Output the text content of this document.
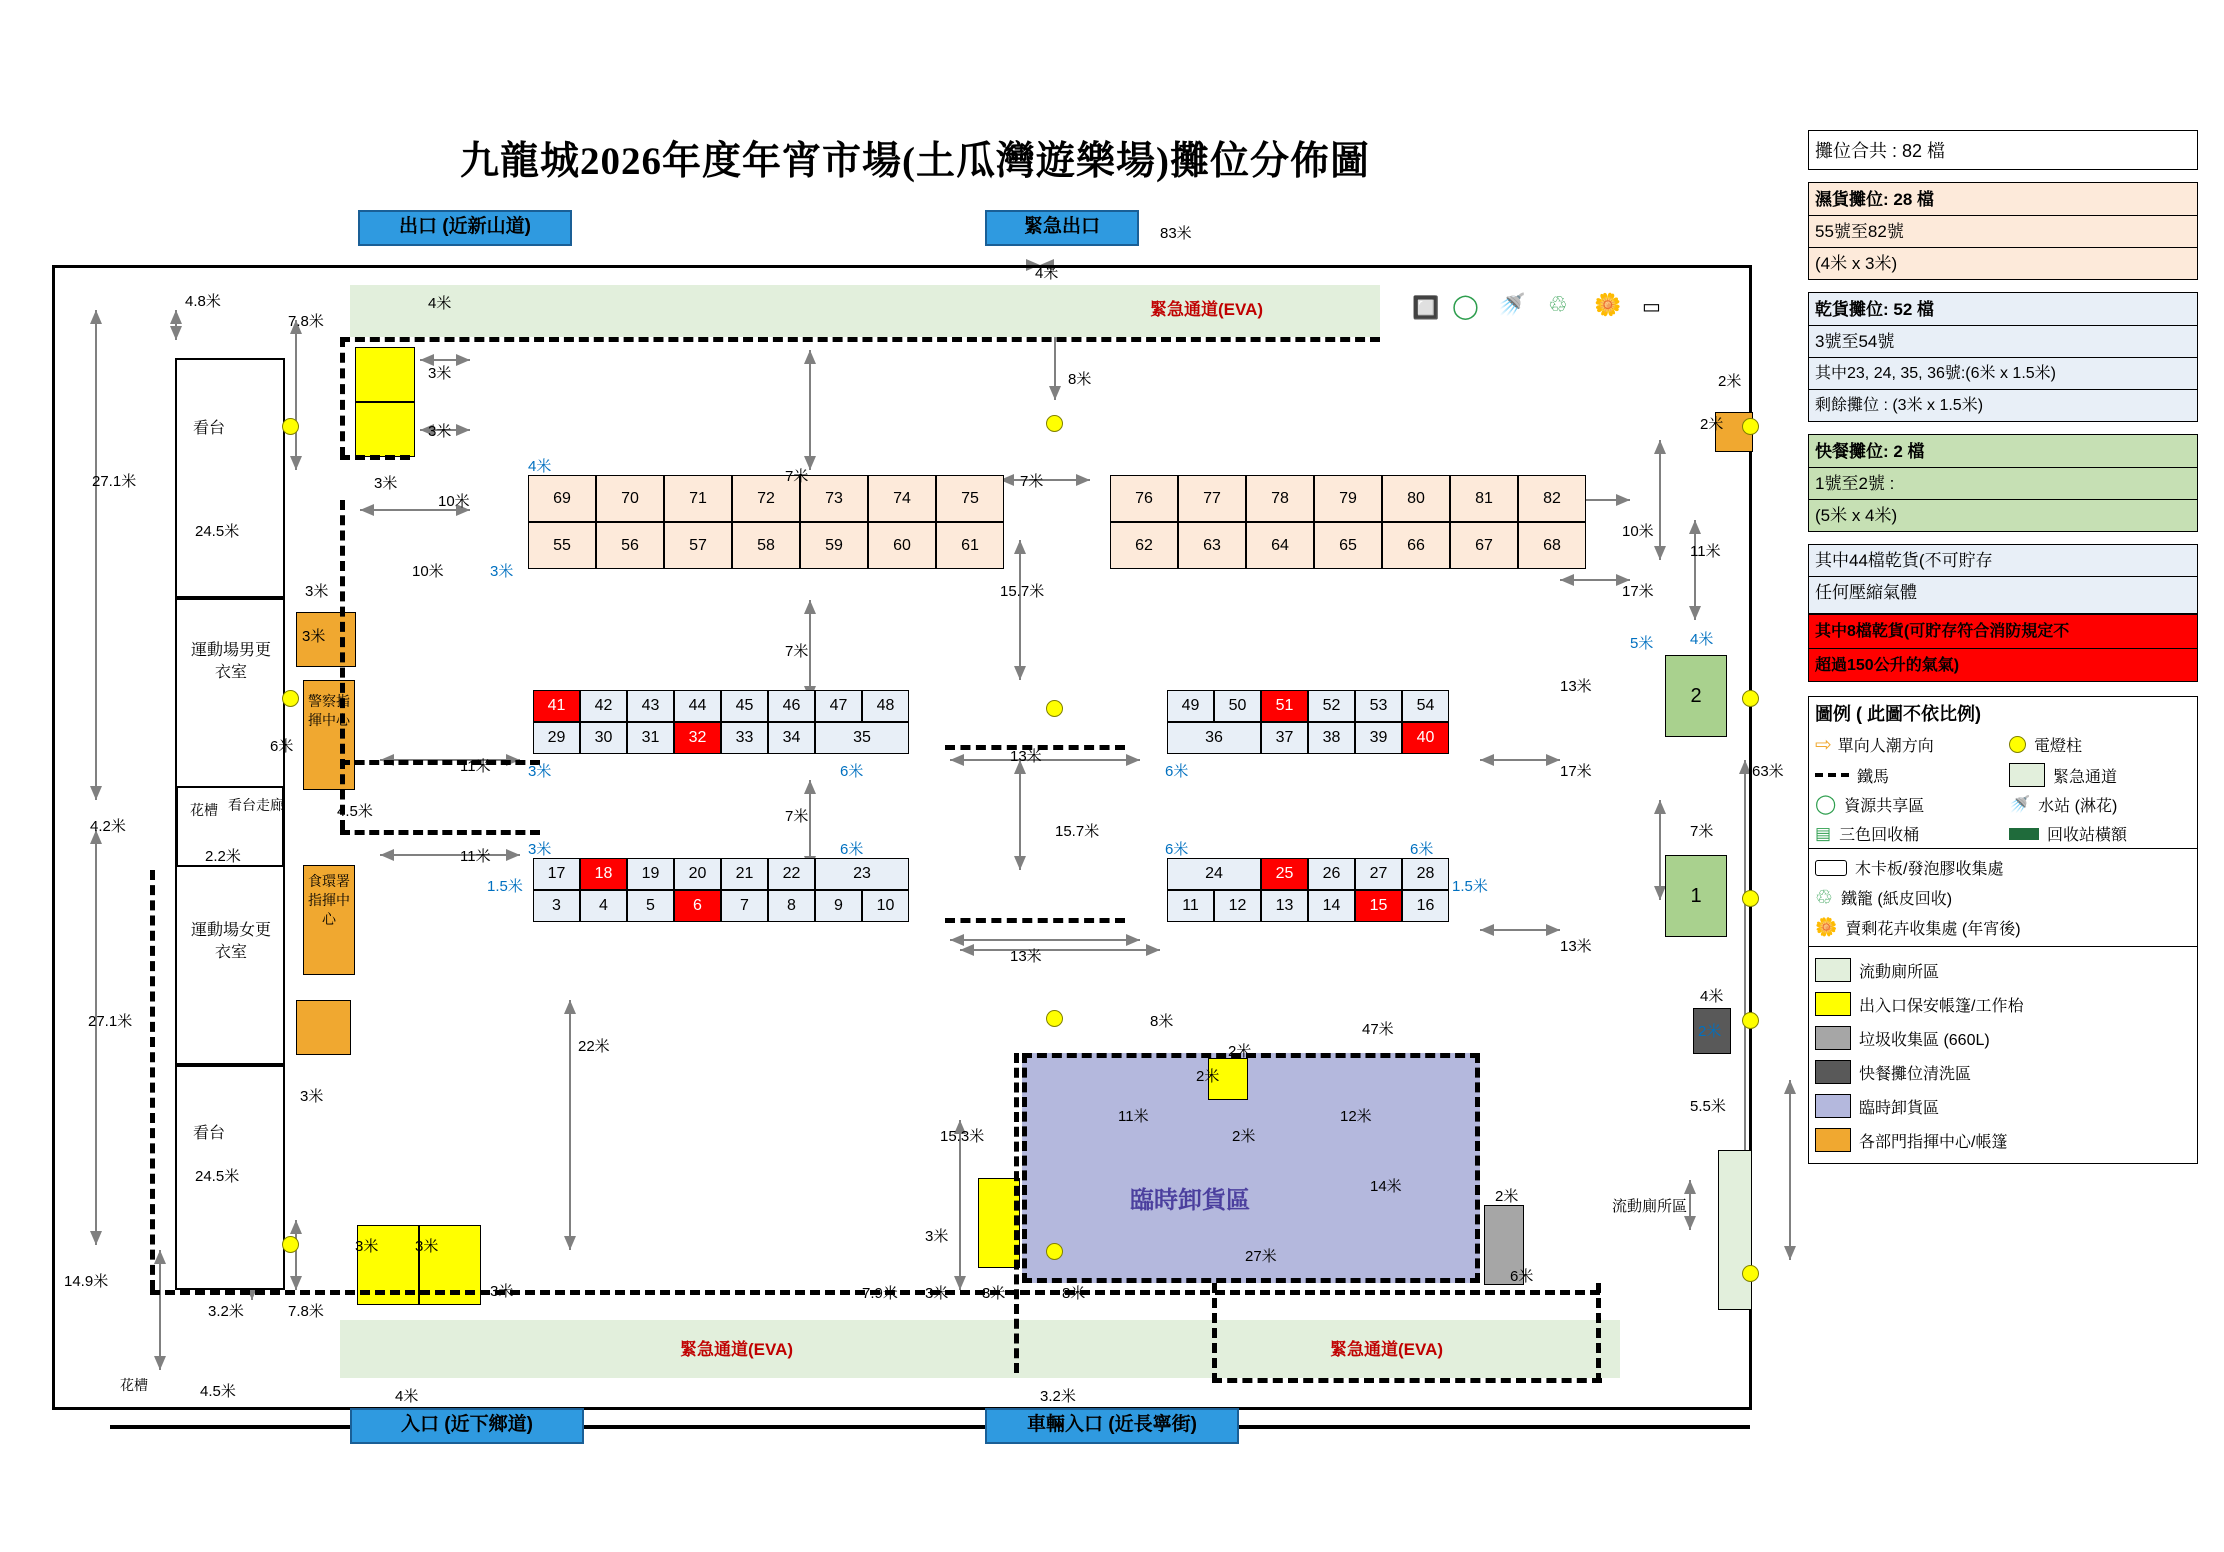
九龍城2026年度年宵市場(土瓜灣遊樂場)攤位分佈圖
緊急通道(EVA)
緊急通道(EVA)	緊急通道(EVA)
流動廁所區
出口 (近新山道)	緊急出口
入口 (近下鄉道)	車輛入口 (近長寧街)
看台
運動場男更衣室
運動場女更衣室
看台
花槽
花槽
看台走廊
警察指揮中心
食環署指揮中心
69	70	71	72	73	74	75
55	56	57	58	59	60	61
76	77	78	79	80	81	82
62	63	64	65	66	67	68
41	42	43	44	45	46	47	48
29	30	31	32	33	34	35
49	50	51	52	53	54
36	37	38	39	40
17	18	19	20	21	22	23
3	4	5	6	7	8	9	10
24	25	26	27	28
11	12	13	14	15	16
2
1
臨時卸貨區
🔲 ◯ 🚿 ♲ 🌼 ▭
83米
4米
8米
4.8米
7.8米
4米
3米
3米
27.1米
24.5米
3米
10米
3米
3米
10米
6米
4.5米
4.2米
2.2米
27.1米
24.5米
14.9米
3.2米	7.8米
4.5米
3米 3米
3米
3米
4米
7米
7米
7米
7米
15.7米
15.7米
13米
13米
11米
11米
13米
13米
10米
11米
17米
17米
2米
2米
7米
63米
4米
5.5米
22米
8米	47米
2米
2米
11米	12米
2米
14米
27米
15.3米
3米
7.9米 3米 3米	8米
3.2米
2米
6米
4米
3米
3米	6米	6米
3米	6米	6米	6米
1.5米	1.5米
5米 4米
2米
攤位合共 : 82 檔
濕貨攤位: 28 檔
55號至82號
(4米 x 3米)
乾貨攤位: 52 檔
3號至54號
其中23, 24, 35, 36號:(6米 x 1.5米)
剩餘攤位 : (3米 x 1.5米)
快餐攤位: 2 檔
1號至2號 :
(5米 x 4米)
其中44檔乾貨(不可貯存
任何壓縮氣體
其中8檔乾貨(可貯存符合消防規定不
超過150公升的氣氣)
圖例 ( 此圖不依比例)
⇨ 單向人潮方向	電燈柱
鐵馬	緊急通道
◯ 資源共享區	🚿 水站 (淋花)
▤ 三色回收桶	回收站橫額
木卡板/發泡膠收集處
♲ 鐵籠 (紙皮回收)
🌼 賣剩花卉收集處 (年宵後)
流動廁所區
出入口保安帳篷/工作枱
垃圾收集區 (660L)
快餐攤位清洗區
臨時卸貨區
各部門指揮中心/帳篷
